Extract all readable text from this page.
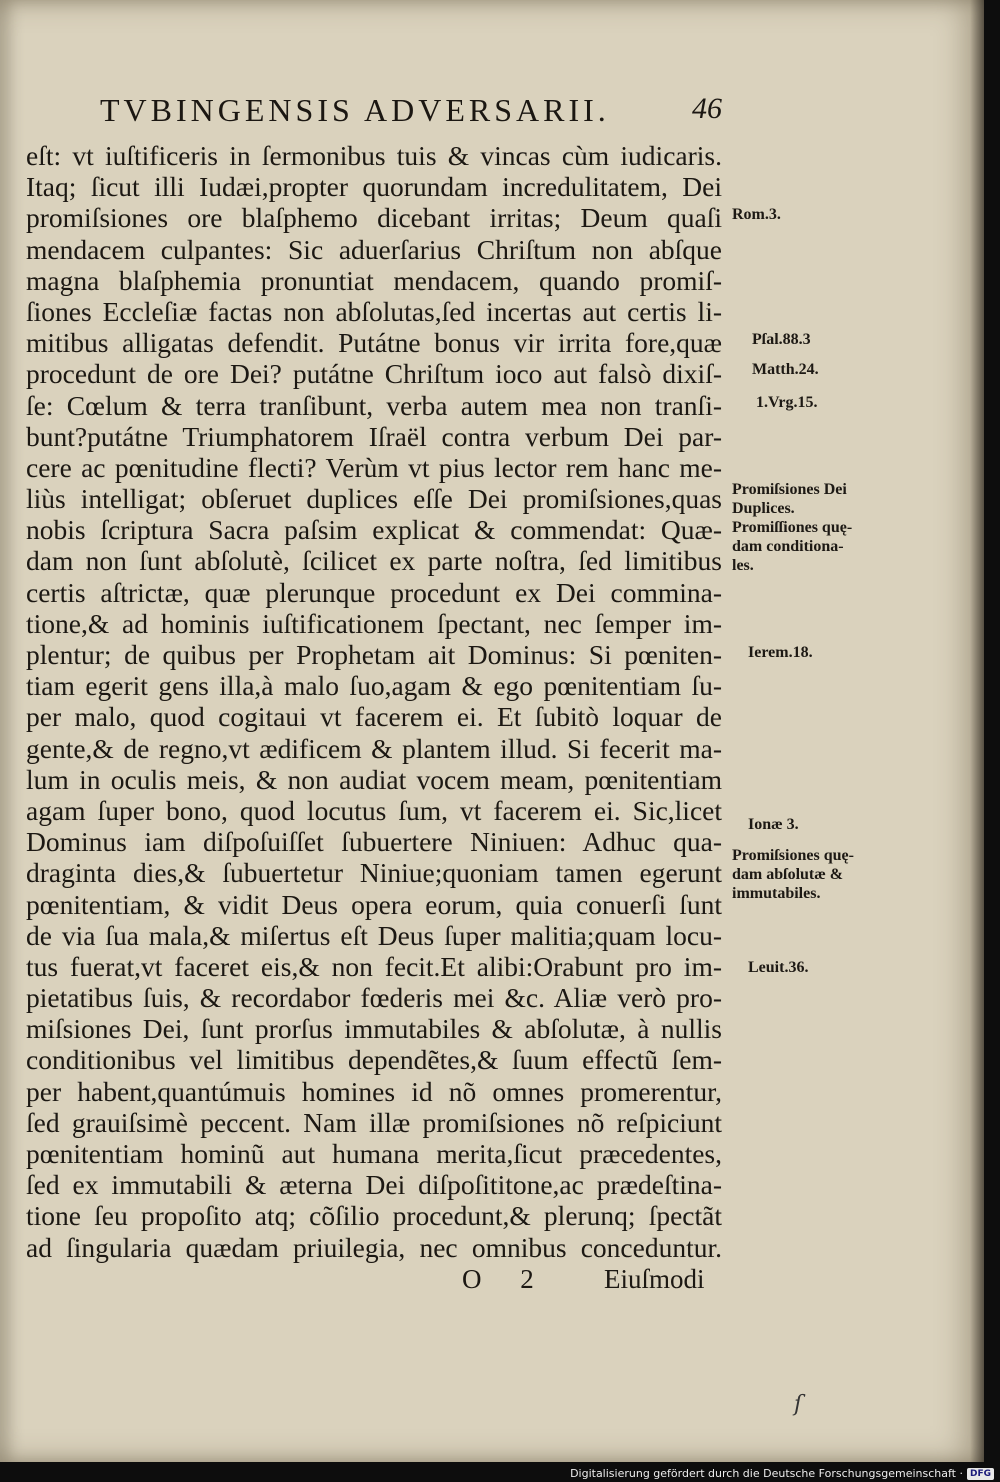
TVBINGENSIS ADVERSARII.	46
eſt: vt iuſtificeris in ſermonibus tuis & vincas cùm iudicaris.
Itaq; ſicut illi Iudæi,propter quorundam incredulitatem, Dei
promiſsiones ore blaſphemo dicebant irritas; Deum quaſi
mendacem culpantes: Sic aduerſarius Chriſtum non abſque
magna blaſphemia pronuntiat mendacem, quando promiſ-
ſiones Eccleſiæ factas non abſolutas,ſed incertas aut certis li-
mitibus alligatas defendit. Putátne bonus vir irrita fore,quæ
procedunt de ore Dei? putátne Chriſtum ioco aut falsò dixiſ-
ſe: Cœlum & terra tranſibunt, verba autem mea non tranſi-
bunt?putátne Triumphatorem Iſraël contra verbum Dei par-
cere ac pœnitudine flecti? Verùm vt pius lector rem hanc me-
liùs intelligat; obſeruet duplices eſſe Dei promiſsiones,quas
nobis ſcriptura Sacra paſsim explicat & commendat: Quæ-
dam non ſunt abſolutè, ſcilicet ex parte noſtra, ſed limitibus
certis aſtrictæ, quæ plerunque procedunt ex Dei commina-
tione,& ad hominis iuſtificationem ſpectant, nec ſemper im-
plentur; de quibus per Prophetam ait Dominus: Si pœniten-
tiam egerit gens illa,à malo ſuo,agam & ego pœnitentiam ſu-
per malo, quod cogitaui vt facerem ei. Et ſubitò loquar de
gente,& de regno,vt ædificem & plantem illud. Si fecerit ma-
lum in oculis meis, & non audiat vocem meam, pœnitentiam
agam ſuper bono, quod locutus ſum, vt facerem ei. Sic,licet
Dominus iam diſpoſuiſſet ſubuertere Niniuen: Adhuc qua-
draginta dies,& ſubuertetur Niniue;quoniam tamen egerunt
pœnitentiam, & vidit Deus opera eorum, quia conuerſi ſunt
de via ſua mala,& miſertus eſt Deus ſuper malitia;quam locu-
tus fuerat,vt faceret eis,& non fecit.Et alibi:Orabunt pro im-
pietatibus ſuis, & recordabor fœderis mei &c. Aliæ verò pro-
miſsiones Dei, ſunt prorſus immutabiles & abſolutæ, à nullis
conditionibus vel limitibus dependẽtes,& ſuum effectũ ſem-
per habent,quantúmuis homines id nõ omnes promerentur,
ſed grauiſsimè peccent. Nam illæ promiſsiones nõ reſpiciunt
pœnitentiam hominũ aut humana merita,ſicut præcedentes,
ſed ex immutabili & æterna Dei diſpoſititone,ac prædeſtina-
tione ſeu propoſito atq; cõſilio procedunt,& plerunq; ſpectãt
ad ſingularia quædam priuilegia, nec omnibus conceduntur.
Rom.3.
Pſal.88.3
Matth.24.
1.Vrg.15.
Promiſsiones Dei
Duplices.
Promiſſiones quę-
dam conditiona-
les.
Ierem.18.
Ionæ 3.
Promiſsiones quę-
dam abſolutæ &
immutabiles.
Leuit.36.
O 2 Eiuſmodi
ſ
Digitalisierung gefördert durch die Deutsche Forschungsgemeinschaft · DFG
